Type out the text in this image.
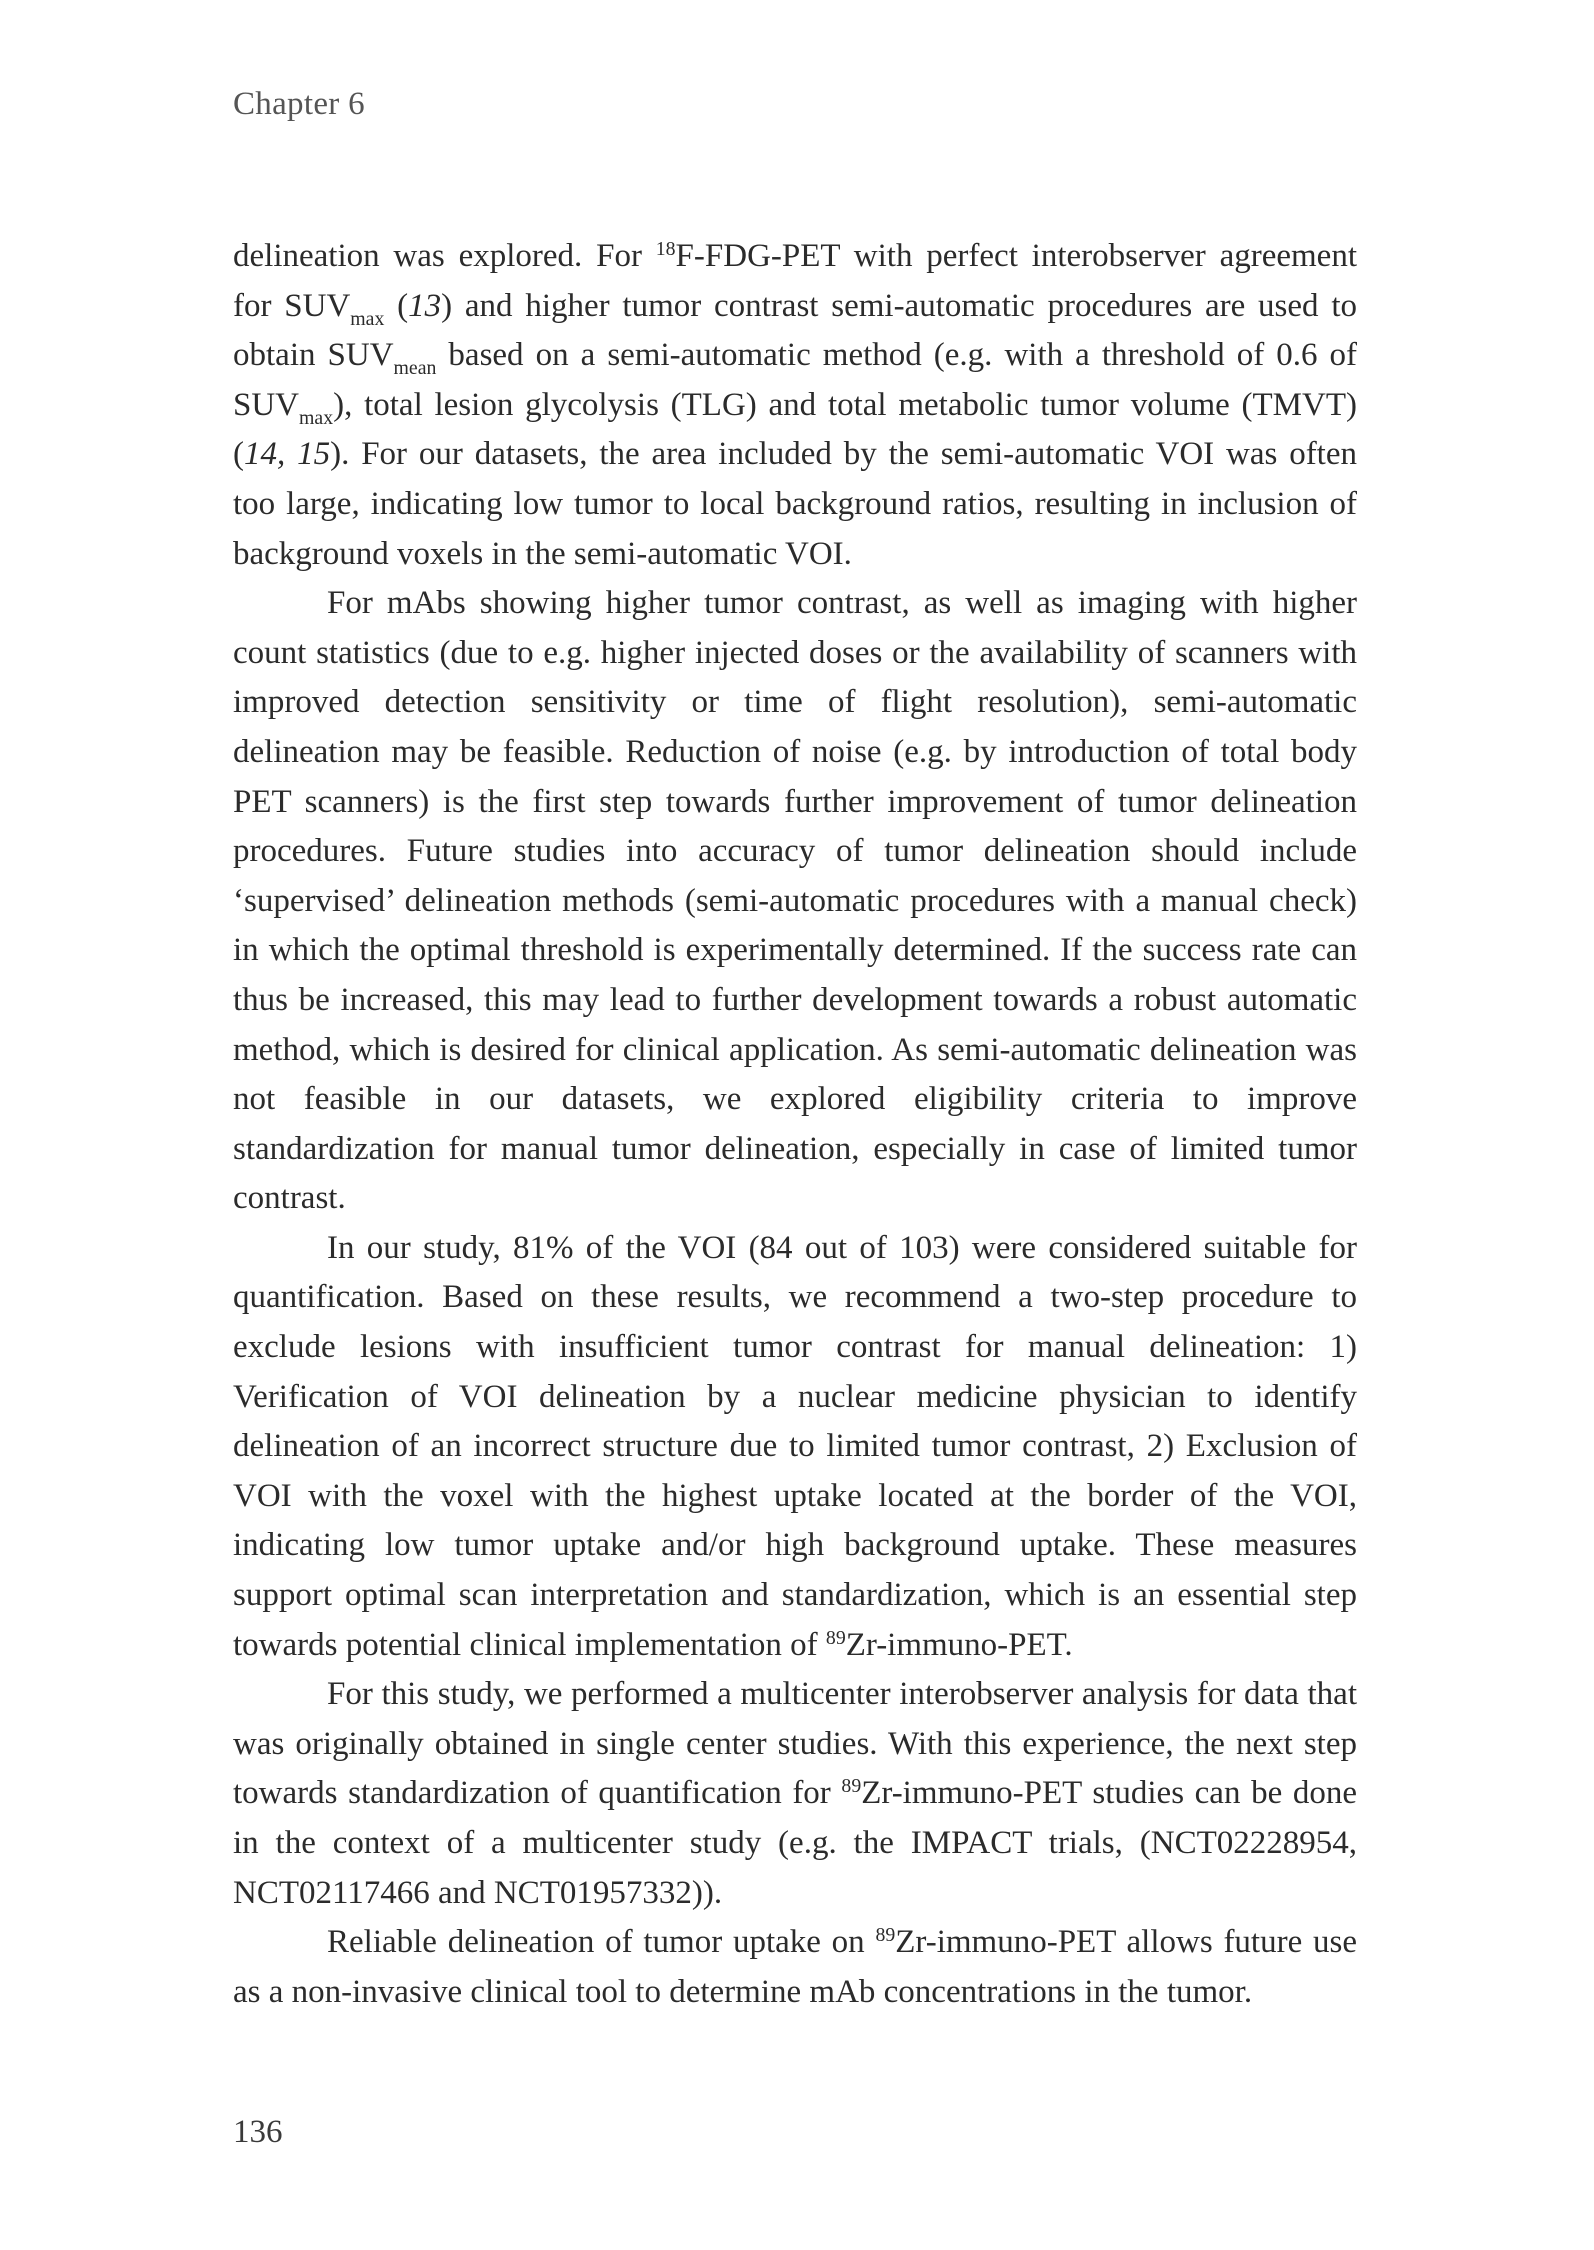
Chapter 6

delineation was explored. For $^{18}$F-FDG-PET with perfect interobserver agreement for $SUV_{max}$ (13) and higher tumor contrast semi-automatic procedures are used to obtain $SUV_{mean}$ based on a semi-automatic method (e.g. with a threshold of 0.6 of $SUV_{max}$), total lesion glycolysis (TLG) and total metabolic tumor volume (TMVT) (14, 15). For our datasets, the area included by the semi-automatic VOI was often too large, indicating low tumor to local background ratios, resulting in inclusion of background voxels in the semi-automatic VOI.

For mAbs showing higher tumor contrast, as well as imaging with higher count statistics (due to e.g. higher injected doses or the availability of scanners with improved detection sensitivity or time of flight resolution), semi-automatic delineation may be feasible. Reduction of noise (e.g. by introduction of total body PET scanners) is the first step towards further improvement of tumor delineation procedures. Future studies into accuracy of tumor delineation should include ‘supervised’ delineation methods (semi-automatic procedures with a manual check) in which the optimal threshold is experimentally determined. If the success rate can thus be increased, this may lead to further development towards a robust automatic method, which is desired for clinical application. As semi-automatic delineation was not feasible in our datasets, we explored eligibility criteria to improve standardization for manual tumor delineation, especially in case of limited tumor contrast.

In our study, 81% of the VOI (84 out of 103) were considered suitable for quantification. Based on these results, we recommend a two-step procedure to exclude lesions with insufficient tumor contrast for manual delineation: 1) Verification of VOI delineation by a nuclear medicine physician to identify delineation of an incorrect structure due to limited tumor contrast, 2) Exclusion of VOI with the voxel with the highest uptake located at the border of the VOI, indicating low tumor uptake and/or high background uptake. These measures support optimal scan interpretation and standardization, which is an essential step towards potential clinical implementation of $^{89}$Zr-immuno-PET.

For this study, we performed a multicenter interobserver analysis for data that was originally obtained in single center studies. With this experience, the next step towards standardization of quantification for $^{89}$Zr-immuno-PET studies can be done in the context of a multicenter study (e.g. the IMPACT trials, (NCT02228954, NCT02117466 and NCT01957332)).

Reliable delineation of tumor uptake on $^{89}$Zr-immuno-PET allows future use as a non-invasive clinical tool to determine mAb concentrations in the tumor.

136
